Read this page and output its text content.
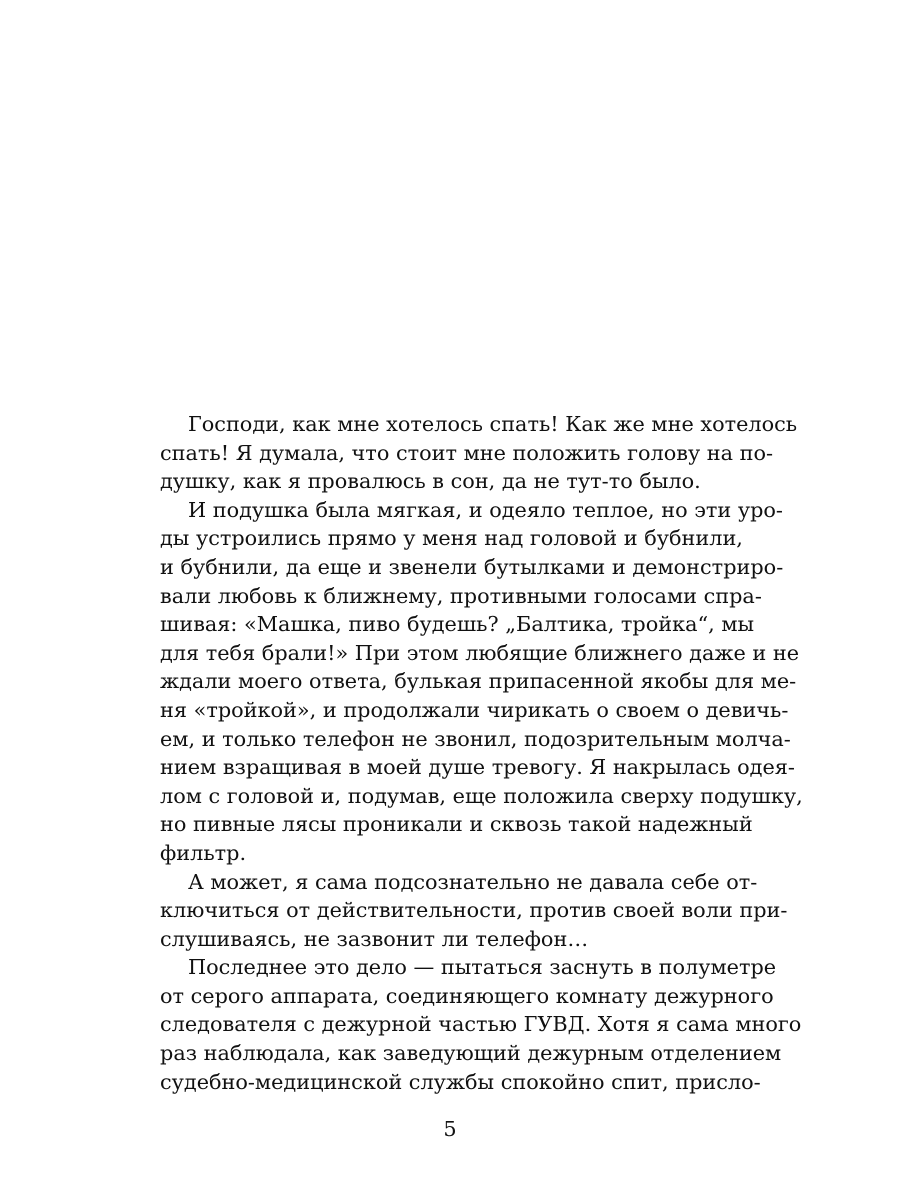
Господи, как мне хотелось спать! Как же мне хотелось
спать! Я думала, что стоит мне положить голову на по-
душку, как я провалюсь в сон, да не тут-то было.
И подушка была мягкая, и одеяло теплое, но эти уро-
ды устроились прямо у меня над головой и бубнили,
и бубнили, да еще и звенели бутылками и демонстриро-
вали любовь к ближнему, противными голосами спра-
шивая: «Машка, пиво будешь? „Балтика, тройка“, мы
для тебя брали!» При этом любящие ближнего даже и не
ждали моего ответа, булькая припасенной якобы для ме-
ня «тройкой», и продолжали чирикать о своем о девичь-
ем, и только телефон не звонил, подозрительным молча-
нием взращивая в моей душе тревогу. Я накрылась одея-
лом с головой и, подумав, еще положила сверху подушку,
но пивные лясы проникали и сквозь такой надежный
фильтр.
А может, я сама подсознательно не давала себе от-
ключиться от действительности, против своей воли при-
слушиваясь, не зазвонит ли телефон…
Последнее это дело — пытаться заснуть в полуметре
от серого аппарата, соединяющего комнату дежурного
следователя с дежурной частью ГУВД. Хотя я сама много
раз наблюдала, как заведующий дежурным отделением
судебно-медицинской службы спокойно спит, присло-
5
